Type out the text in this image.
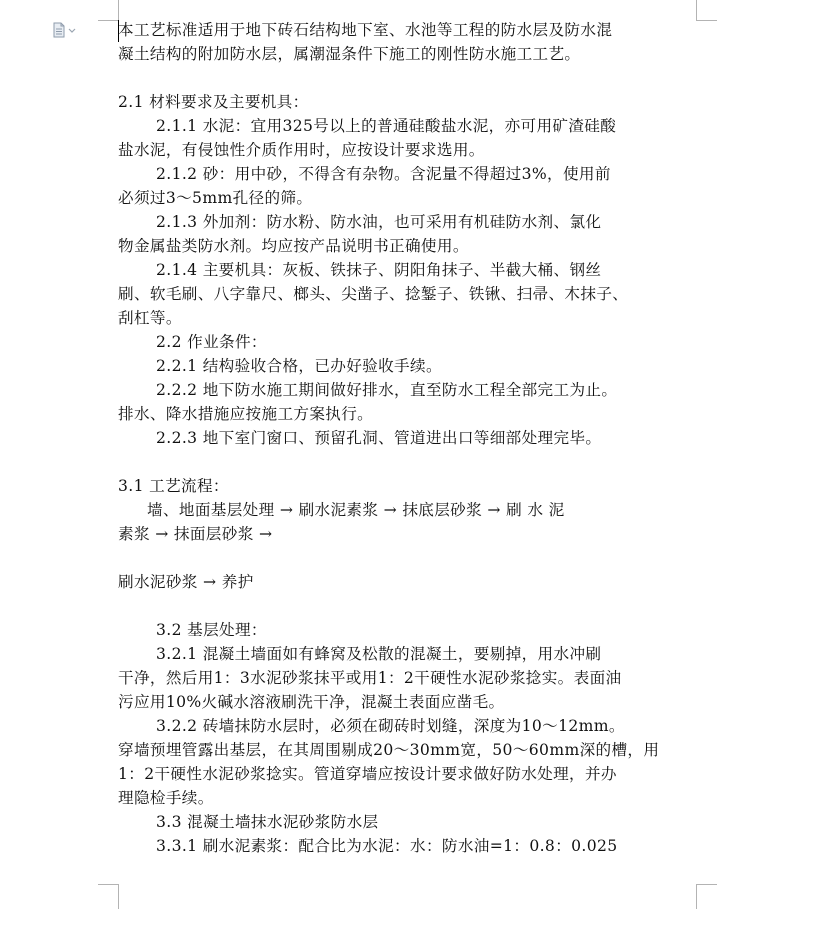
本工艺标准适用于地下砖石结构地下室、水池等工程的防水层及防水混

凝土结构的附加防水层，属潮湿条件下施工的刚性防水施工工艺。

2.1 材料要求及主要机具：

2.1.1 水泥：宜用325号以上的普通硅酸盐水泥，亦可用矿渣硅酸

盐水泥，有侵蚀性介质作用时，应按设计要求选用。

2.1.2 砂：用中砂，不得含有杂物。含泥量不得超过3%，使用前

必须过3～5mm孔径的筛。

2.1.3 外加剂：防水粉、防水油，也可采用有机硅防水剂、氯化

物金属盐类防水剂。均应按产品说明书正确使用。

2.1.4 主要机具：灰板、铁抹子、阴阳角抹子、半截大桶、钢丝

刷、软毛刷、八字靠尺、榔头、尖凿子、捻錾子、铁锹、扫帚、木抹子、

刮杠等。

2.2 作业条件：

2.2.1 结构验收合格，已办好验收手续。

2.2.2 地下防水施工期间做好排水，直至防水工程全部完工为止。

排水、降水措施应按施工方案执行。

2.2.3 地下室门窗口、预留孔洞、管道进出口等细部处理完毕。

3.1 工艺流程：

墙、地面基层处理 → 刷水泥素浆 → 抹底层砂浆 → 刷 水 泥

素浆 → 抹面层砂浆 →

刷水泥砂浆 → 养护

3.2 基层处理：

3.2.1 混凝土墙面如有蜂窝及松散的混凝土，要剔掉，用水冲刷

干净，然后用1：3水泥砂浆抹平或用1：2干硬性水泥砂浆捻实。表面油

污应用10%火碱水溶液刷洗干净，混凝土表面应凿毛。

3.2.2 砖墙抹防水层时，必须在砌砖时划缝，深度为10～12mm。

穿墙预埋管露出基层，在其周围剔成20～30mm宽，50～60mm深的槽，用

1：2干硬性水泥砂浆捻实。管道穿墙应按设计要求做好防水处理，并办

理隐检手续。

3.3 混凝土墙抹水泥砂浆防水层

3.3.1 刷水泥素浆：配合比为水泥：水：防水油=1：0.8：0.025
